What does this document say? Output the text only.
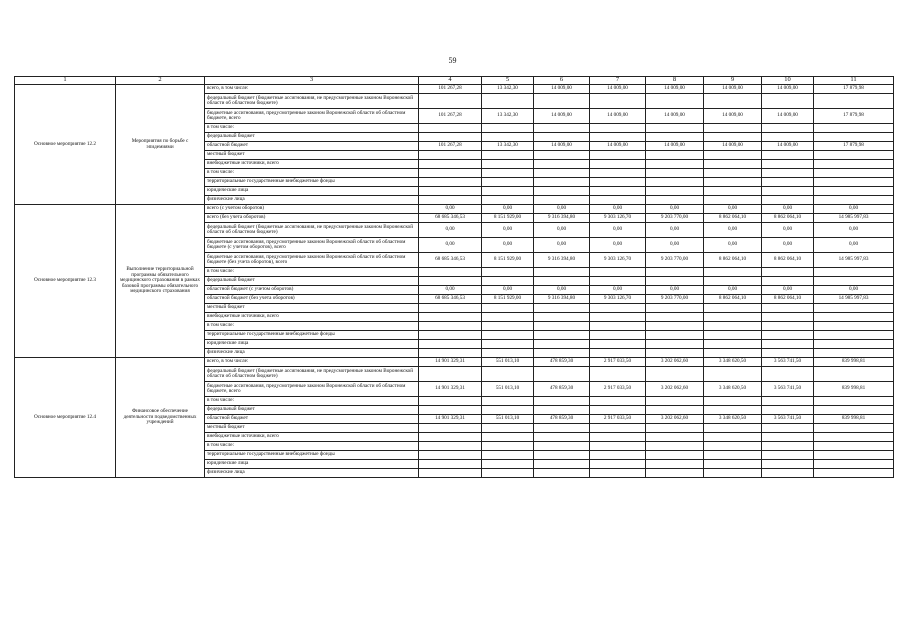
59
1	2	3	4	5	6	7	8	9	10	11
Основное мероприятие 12.2	Мероприятия по борьбе с эпидемиями	всего, в том числе:	101 267,28	13 342,30	14 009,00	14 009,00	14 009,00	14 009,00	14 009,00	17 879,98
		федеральный бюджет (бюджетные ассигнования, не предусмотренные законом Воронежской области об областном бюджете)								
		бюджетные ассигнования, предусмотренные законом Воронежской области об областном бюджете, всего	101 267,28	13 342,30	14 009,00	14 009,00	14 009,00	14 009,00	14 009,00	17 879,98
		в том числе:								
		федеральный бюджет								
		областной бюджет	101 267,28	13 342,30	14 009,00	14 009,00	14 009,00	14 009,00	14 009,00	17 879,98
		местный бюджет								
		внебюджетные источники, всего								
		в том числе:								
		территориальные государственные внебюджетные фонды								
		юридические лица								
		физические лица								
Основное мероприятие 12.3	Выполнение территориальной программы обязательного медицинского страхования в рамках базовой программы обязательного медицинского страхования	всего (с учетом оборотов)	0,00	0,00	0,00	0,00	0,00	0,00	0,00	0,00
		всего (без учета оборотов)	68 685 346,53	8 151 929,00	9 316 394,80	9 303 126,70	9 203 770,00	8 862 064,10	8 862 064,10	14 985 997,83
		федеральный бюджет (бюджетные ассигнования, не предусмотренные законом Воронежской области об областном бюджете)	0,00	0,00	0,00	0,00	0,00	0,00	0,00	0,00
		бюджетные ассигнования, предусмотренные законом Воронежской области об областном бюджете (с учетом оборотов), всего	0,00	0,00	0,00	0,00	0,00	0,00	0,00	0,00
		бюджетные ассигнования, предусмотренные законом Воронежской области об областном бюджете (без учета оборотов), всего	68 685 346,53	8 151 929,00	9 316 394,80	9 303 126,70	9 203 770,00	8 862 064,10	8 862 064,10	14 985 997,83
		в том числе:								
		федеральный бюджет								
		областной бюджет (с учетом оборотов)	0,00	0,00	0,00	0,00	0,00	0,00	0,00	0,00
		областной бюджет (без учета оборотов)	68 685 346,53	8 151 929,00	9 316 394,80	9 303 126,70	9 203 770,00	8 862 064,10	8 862 064,10	14 985 997,83
		местный бюджет								
		внебюджетные источники, всего								
		в том числе:								
		территориальные государственные внебюджетные фонды								
		юридические лица								
		физические лица								
Основное мероприятие 12.4	Финансовое обеспечение деятельности подведомственных учреждений	всего, в том числе:	14 901 329,31	551 013,10	478 859,30	2 917 033,50	3 202 062,60	3 348 620,50	3 563 741,50	839 998,81
		федеральный бюджет (бюджетные ассигнования, не предусмотренные законом Воронежской области об областном бюджете)								
		бюджетные ассигнования, предусмотренные законом Воронежской области об областном бюджете, всего	14 901 329,31	551 013,10	478 859,30	2 917 033,50	3 202 062,60	3 348 620,50	3 563 741,50	839 998,81
		в том числе:								
		федеральный бюджет								
		областной бюджет	14 901 329,31	551 013,10	478 859,30	2 917 033,50	3 202 062,60	3 348 620,50	3 563 741,50	839 998,81
		местный бюджет								
		внебюджетные источники, всего								
		в том числе:								
		территориальные государственные внебюджетные фонды								
		юридические лица								
		физические лица								
